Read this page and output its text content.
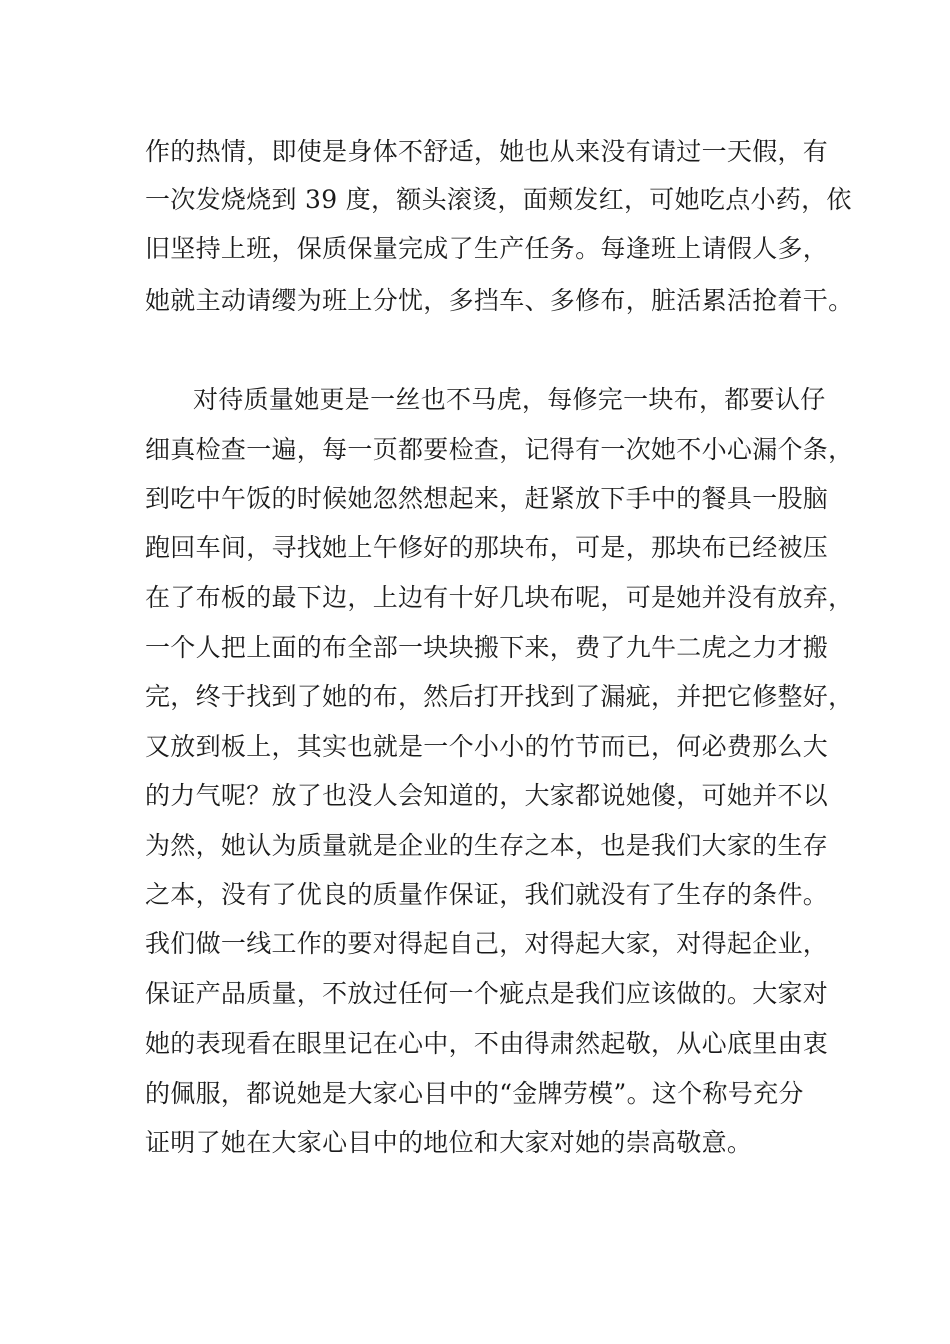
作的热情，即使是身体不舒适，她也从来没有请过一天假，有
一次发烧烧到 39 度，额头滚烫，面颊发红，可她吃点小药，依
旧坚持上班，保质保量完成了生产任务。每逢班上请假人多，
她就主动请缨为班上分忧，多挡车、多修布，脏活累活抢着干。
对待质量她更是一丝也不马虎，每修完一块布，都要认仔
细真检查一遍，每一页都要检查，记得有一次她不小心漏个条，
到吃中午饭的时候她忽然想起来，赶紧放下手中的餐具一股脑
跑回车间，寻找她上午修好的那块布，可是，那块布已经被压
在了布板的最下边，上边有十好几块布呢，可是她并没有放弃，
一个人把上面的布全部一块块搬下来，费了九牛二虎之力才搬
完，终于找到了她的布，然后打开找到了漏疵，并把它修整好，
又放到板上，其实也就是一个小小的竹节而已，何必费那么大
的力气呢？放了也没人会知道的，大家都说她傻，可她并不以
为然，她认为质量就是企业的生存之本，也是我们大家的生存
之本，没有了优良的质量作保证，我们就没有了生存的条件。
我们做一线工作的要对得起自己，对得起大家，对得起企业，
保证产品质量，不放过任何一个疵点是我们应该做的。大家对
她的表现看在眼里记在心中，不由得肃然起敬，从心底里由衷
的佩服，都说她是大家心目中的“金牌劳模”。这个称号充分
证明了她在大家心目中的地位和大家对她的崇高敬意。
